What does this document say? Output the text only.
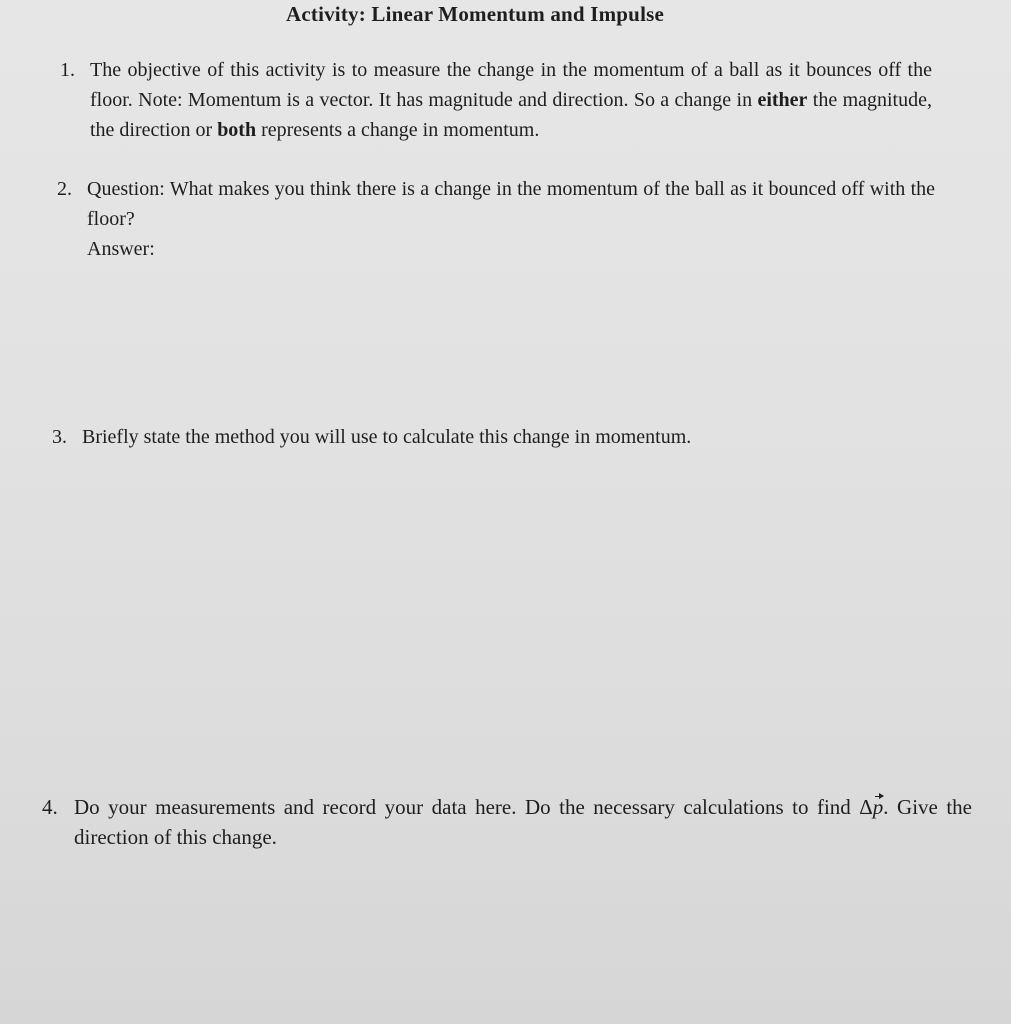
Activity: Linear Momentum and Impulse
1. The objective of this activity is to measure the change in the momentum of a ball as it bounces off the floor. Note: Momentum is a vector. It has magnitude and direction. So a change in either the magnitude, the direction or both represents a change in momentum.
2. Question: What makes you think there is a change in the momentum of the ball as it bounced off with the floor?
Answer:
3. Briefly state the method you will use to calculate this change in momentum.
4. Do your measurements and record your data here. Do the necessary calculations to find Δp. Give the direction of this change.
